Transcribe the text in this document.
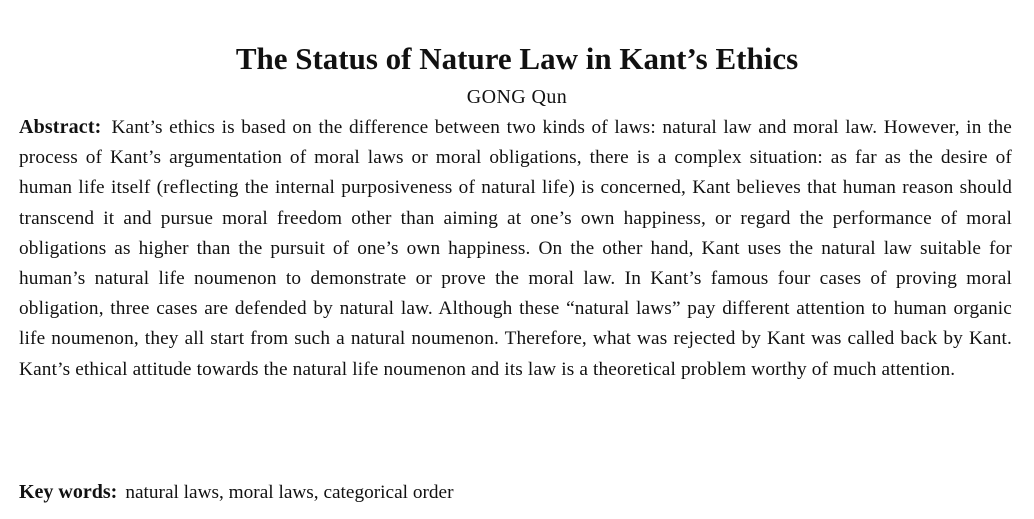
The Status of Nature Law in Kant’s Ethics
GONG Qun

Abstract: Kant’s ethics is based on the difference between two kinds of laws: natural law and moral law. However, in the process of Kant’s argumentation of moral laws or moral obligations, there is a complex situation: as far as the desire of human life itself (reflecting the internal purposiveness of natural life) is concerned, Kant believes that human reason should transcend it and pursue moral freedom other than aiming at one’s own happiness, or regard the performance of moral obligations as higher than the pursuit of one’s own happiness. On the other hand, Kant uses the natural law suitable for human’s natural life noumenon to demonstrate or prove the moral law. In Kant’s famous four cases of proving moral obligation, three cases are defended by natural law. Although these “natural laws” pay different attention to human organic life noumenon, they all start from such a natural noumenon. Therefore, what was rejected by Kant was called back by Kant. Kant’s ethical attitude towards the natural life noumenon and its law is a theoretical problem worthy of much attention.

Key words: natural laws, moral laws, categorical order
